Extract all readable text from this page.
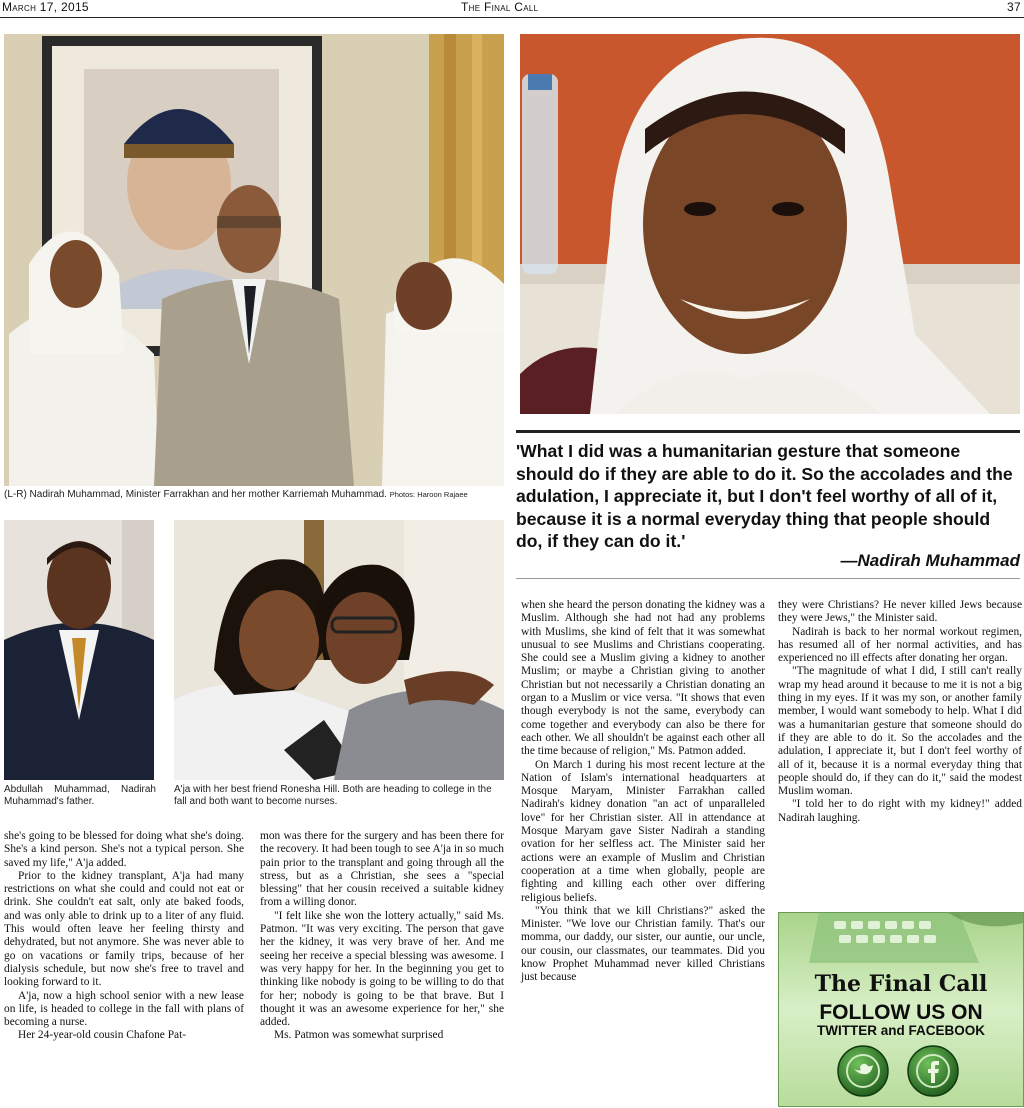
March 17, 2015	The Final Call	37
(L-R) Nadirah Muhammad, Minister Farrakhan and her mother Karriemah Muhammad. Photos: Haroon Rajaee
'What I did was a humanitarian gesture that someone should do if they are able to do it. So the accolades and the adulation, I appreciate it, but I don't feel worthy of all of it, because it is a normal everyday thing that people should do, if they can do it.'
—Nadirah Muhammad
Abdullah Muhammad, Nadirah Muhammad's father.
A'ja with her best friend Ronesha Hill. Both are heading to college in the fall and both want to become nurses.

she's going to be blessed for doing what she's doing. She's a kind person. She's not a typical person. She saved my life," A'ja added.

Prior to the kidney transplant, A'ja had many restrictions on what she could and could not eat or drink. She couldn't eat salt, only ate baked foods, and was only able to drink up to a liter of any fluid. This would often leave her feeling thirsty and dehydrated, but not anymore. She was never able to go on vacations or family trips, because of her dialysis schedule, but now she's free to travel and looking forward to it.

A'ja, now a high school senior with a new lease on life, is headed to college in the fall with plans of becoming a nurse.

Her 24-year-old cousin Chafone Pat-

mon was there for the surgery and has been there for the recovery. It had been tough to see A'ja in so much pain prior to the transplant and going through all the stress, but as a Christian, she sees a "special blessing" that her cousin received a suitable kidney from a willing donor.

"I felt like she won the lottery actually," said Ms. Patmon. "It was very exciting. The person that gave her the kidney, it was very brave of her. And me seeing her receive a special blessing was awesome. I was very happy for her. In the beginning you get to thinking like nobody is going to be willing to do that for her; nobody is going to be that brave. But I thought it was an awesome experience for her," she added.

Ms. Patmon was somewhat surprised

when she heard the person donating the kidney was a Muslim. Although she had not had any problems with Muslims, she kind of felt that it was somewhat unusual to see Muslims and Christians cooperating. She could see a Muslim giving a kidney to another Muslim; or maybe a Christian giving to another Christian but not necessarily a Christian donating an organ to a Muslim or vice versa. "It shows that even though everybody is not the same, everybody can come together and everybody can also be there for each other. We all shouldn't be against each other all the time because of religion," Ms. Patmon added.

On March 1 during his most recent lecture at the Nation of Islam's international headquarters at Mosque Maryam, Minister Farrakhan called Nadirah's kidney donation "an act of unparalleled love" for her Christian sister. All in attendance at Mosque Maryam gave Sister Nadirah a standing ovation for her selfless act. The Minister said her actions were an example of Muslim and Christian cooperation at a time when globally, people are fighting and killing each other over differing religious beliefs.

"You think that we kill Christians?" asked the Minister. "We love our Christian family. That's our momma, our daddy, our sister, our auntie, our uncle, our cousin, our classmates, our teammates. Did you know Prophet Muhammad never killed Christians just because

they were Christians? He never killed Jews because they were Jews," the Minister said.

Nadirah is back to her normal workout regimen, has resumed all of her normal activities, and has experienced no ill effects after donating her organ.

"The magnitude of what I did, I still can't really wrap my head around it because to me it is not a big thing in my eyes. If it was my son, or another family member, I would want somebody to help. What I did was a humanitarian gesture that someone should do if they are able to do it. So the accolades and the adulation, I appreciate it, but I don't feel worthy of all of it, because it is a normal everyday thing that people should do, if they can do it," said the modest Muslim woman.

"I told her to do right with my kidney!" added Nadirah laughing.

The Final Call
FOLLOW US ON
TWITTER and FACEBOOK
